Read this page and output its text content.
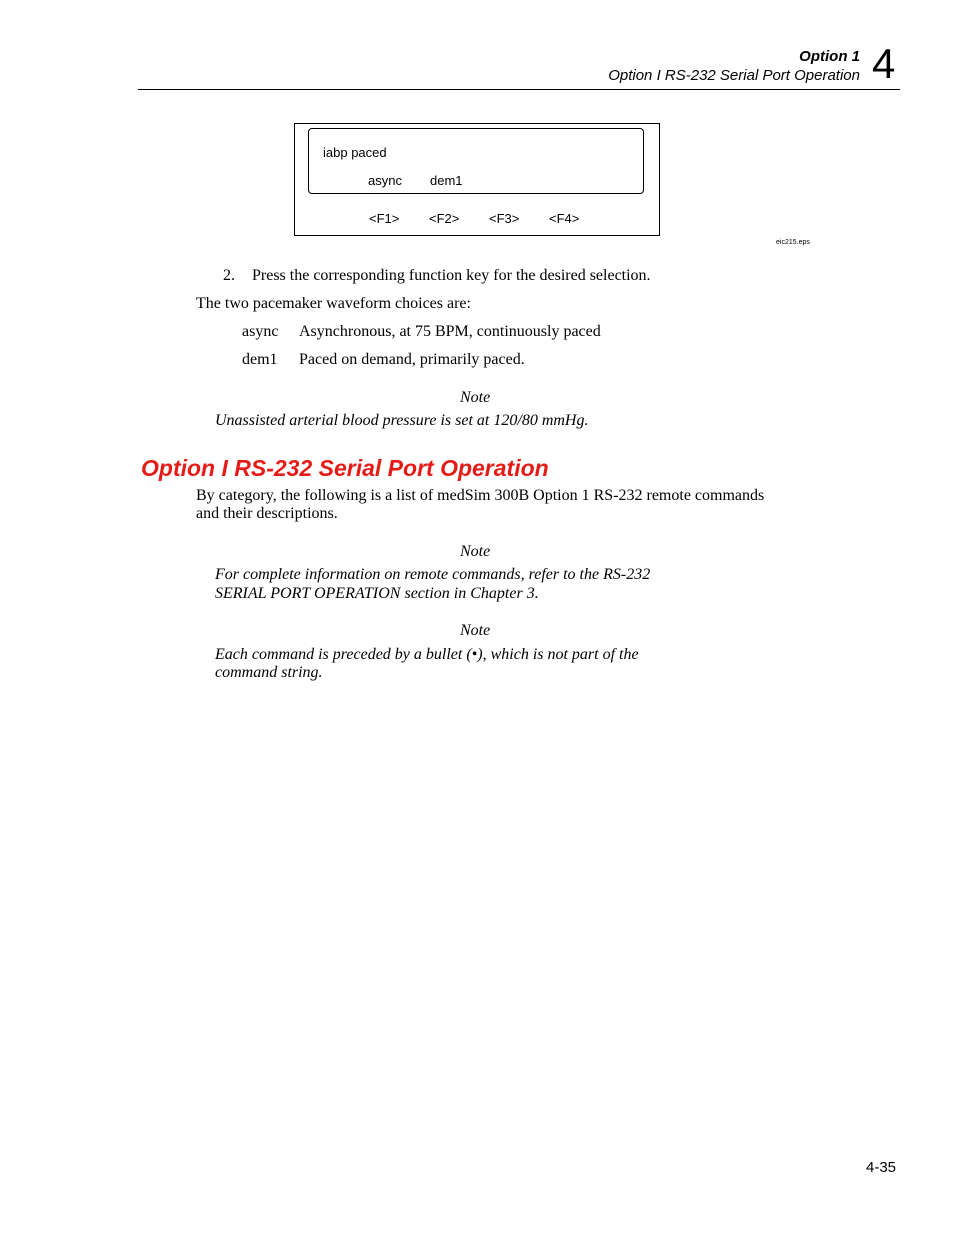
Option 1
Option I RS-232 Serial Port Operation 4
iabp paced
async dem1
<F1> <F2> <F3> <F4>
eic215.eps
2. Press the corresponding function key for the desired selection.
The two pacemaker waveform choices are:
async Asynchronous, at 75 BPM, continuously paced
dem1 Paced on demand, primarily paced.
Note
Unassisted arterial blood pressure is set at 120/80 mmHg.
Option I RS-232 Serial Port Operation
By category, the following is a list of medSim 300B Option 1 RS-232 remote commands
and their descriptions.
Note
For complete information on remote commands, refer to the RS-232
SERIAL PORT OPERATION section in Chapter 3.
Note
Each command is preceded by a bullet (•), which is not part of the
command string.
4-35
